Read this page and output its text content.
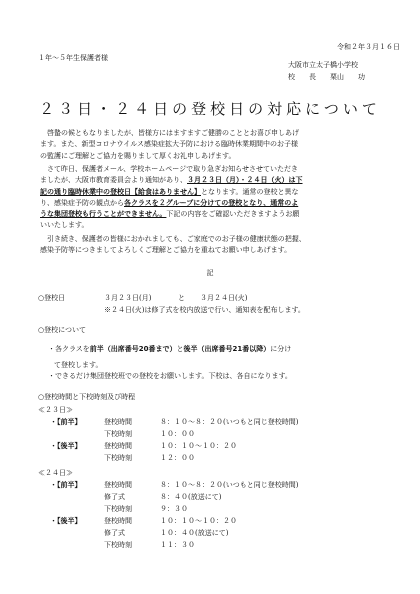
令和２年３月１６日
１年～５年生保護者様
大阪市立太子橋小学校
校　　長　　栗山　　功
２３日・２４日の登校日の対応について
　啓蟄の候ともなりましたが、皆様方にはますますご健勝のこととお喜び申しあげ
ます。また、新型コロナウイルス感染症拡大予防における臨時休業期間中のお子様
の監護にご理解とご協力を賜りまして厚くお礼申しあげます。
　さて昨日、保護者メール、学校ホームページで取り急ぎお知らせさせていただき
ましたが、大阪市教育委員会より通知があり、３月２３日（月）・２４日（火）は下
記の通り臨時休業中の登校日【給食はありません】となります。通常の登校と異な
り、感染症予防の観点から各クラスを２グループに分けての登校となり、通常のよ
うな集団登校も行うことができません。下記の内容をご確認いただきますようお願
いいたします。
　引き続き、保護者の皆様におかれましても、ご家庭でのお子様の健康状態の把握、
感染予防等につきましてよろしくご理解とご協力を重ねてお願い申しあげます。
記
○登校日	３月２３日(月)	と ３月２４日(火)
※２４日(火)は修了式を校内放送で行い、通知表を配布します。
○登校について
・各クラスを前半（出席番号20番まで）と後半（出席番号21番以降）に分け
て登校します。
・できるだけ集団登校班での登校をお願いします。下校は、各自になります。
○登校時間と下校時刻及び時程
≪２３日≫
・【前半】	登校時間	８：１０～８：２０(いつもと同じ登校時間)
下校時刻	１０：００
・【後半】	登校時間	１０：１０～１０：２０
下校時刻	１２：００
≪２４日≫
・【前半】	登校時間	８：１０～８：２０(いつもと同じ登校時間)
修了式	８：４０(放送にて)
下校時刻	９：３０
・【後半】	登校時間	１０：１０～１０：２０
修了式	１０：４０(放送にて)
下校時刻	１１：３０
